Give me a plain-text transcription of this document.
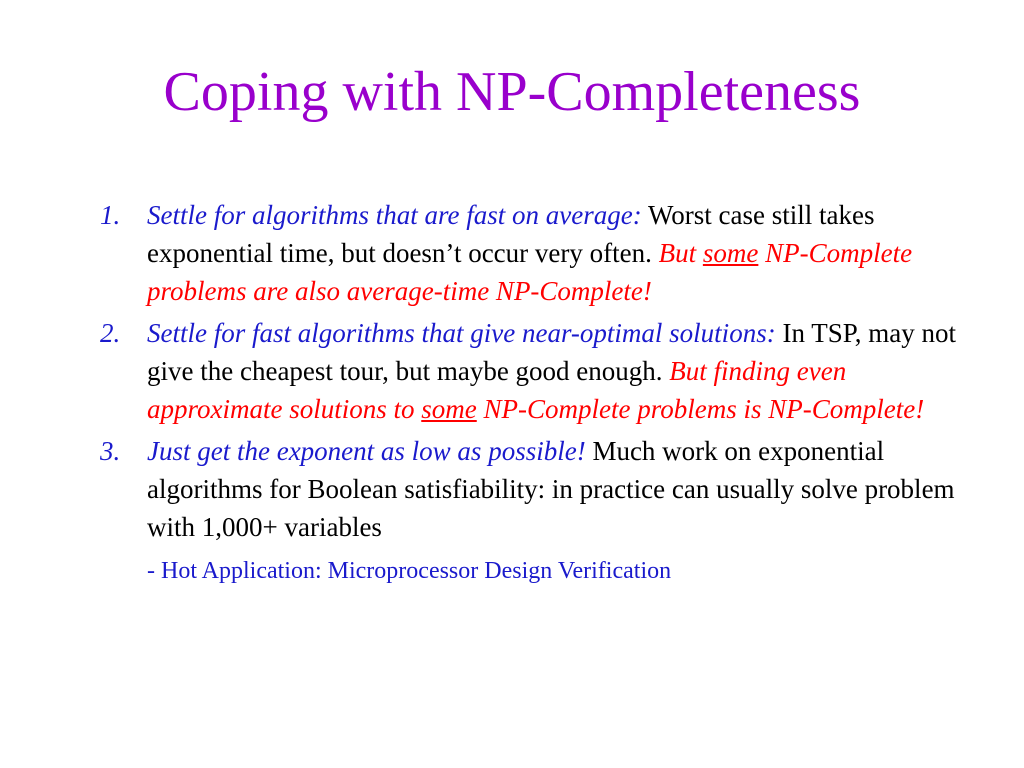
Coping with NP-Completeness
1. Settle for algorithms that are fast on average: Worst case still takes exponential time, but doesn’t occur very often. But some NP-Complete problems are also average-time NP-Complete!
2. Settle for fast algorithms that give near-optimal solutions: In TSP, may not give the cheapest tour, but maybe good enough. But finding even approximate solutions to some NP-Complete problems is NP-Complete!
3. Just get the exponent as low as possible! Much work on exponential algorithms for Boolean satisfiability: in practice can usually solve problem with 1,000+ variables
- Hot Application: Microprocessor Design Verification
